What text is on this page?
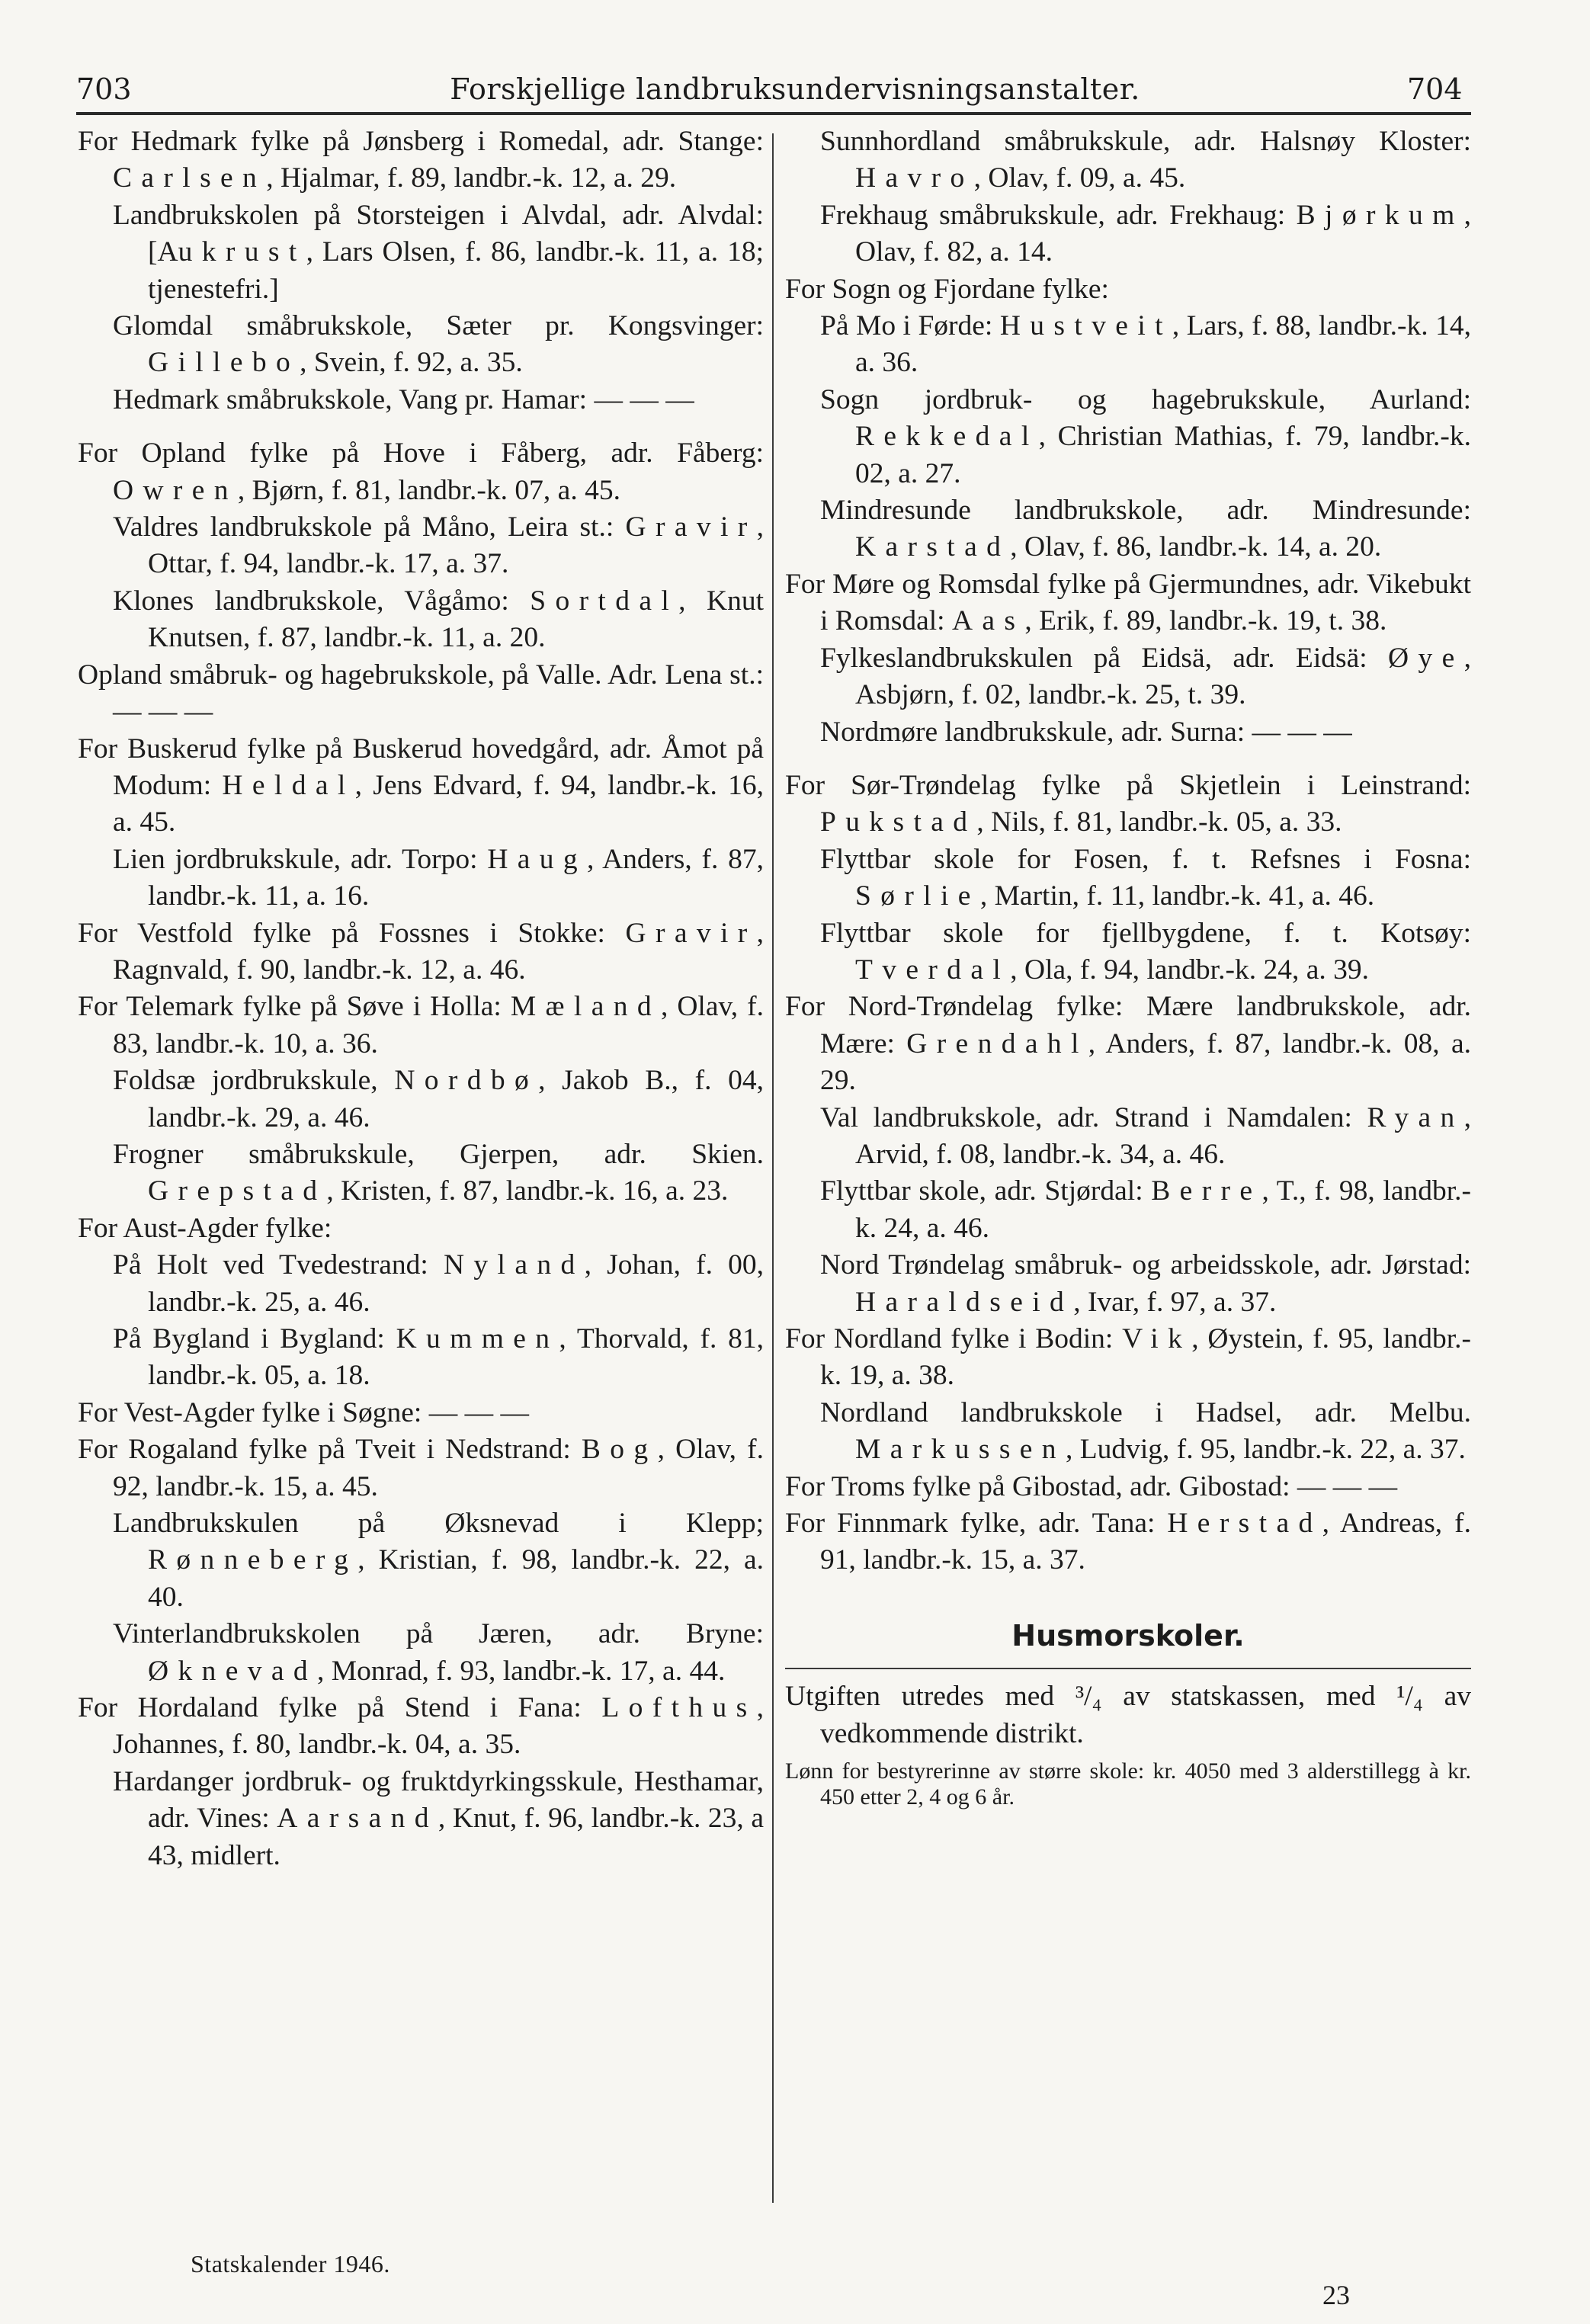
703	Forskjellige landbruksundervisningsanstalter.	704
For Hedmark fylke på Jønsberg i Romedal, adr. Stange: Carlsen, Hjalmar, f. 89, landbr.-k. 12, a. 29.
Landbrukskolen på Storsteigen i Alvdal, adr. Alvdal: [Aukrust, Lars Olsen, f. 86, landbr.-k. 11, a. 18; tjenestefri.]
Glomdal småbrukskole, Sæter pr. Kongsvinger: Gillebo, Svein, f. 92, a. 35.
Hedmark småbrukskole, Vang pr. Hamar: — — —
For Opland fylke på Hove i Fåberg, adr. Fåberg: Owren, Bjørn, f. 81, landbr.-k. 07, a. 45.
Valdres landbrukskole på Måno, Leira st.: Gravir, Ottar, f. 94, landbr.-k. 17, a. 37.
Klones landbrukskole, Vågåmo: Sortdal, Knut Knutsen, f. 87, landbr.-k. 11, a. 20.
Opland småbruk- og hagebrukskole, på Valle. Adr. Lena st.: — — —
For Buskerud fylke på Buskerud hovedgård, adr. Åmot på Modum: Heldal, Jens Edvard, f. 94, landbr.-k. 16, a. 45.
Lien jordbrukskule, adr. Torpo: Haug, Anders, f. 87, landbr.-k. 11, a. 16.
For Vestfold fylke på Fossnes i Stokke: Gravir, Ragnvald, f. 90, landbr.-k. 12, a. 46.
For Telemark fylke på Søve i Holla: Mæland, Olav, f. 83, landbr.-k. 10, a. 36.
Foldsæ jordbrukskule, Nordbø, Jakob B., f. 04, landbr.-k. 29, a. 46.
Frogner småbrukskule, Gjerpen, adr. Skien. Grepstad, Kristen, f. 87, landbr.-k. 16, a. 23.
For Aust-Agder fylke:
På Holt ved Tvedestrand: Nyland, Johan, f. 00, landbr.-k. 25, a. 46.
På Bygland i Bygland: Kummen, Thorvald, f. 81, landbr.-k. 05, a. 18.
For Vest-Agder fylke i Søgne: — — —
For Rogaland fylke på Tveit i Nedstrand: Bog, Olav, f. 92, landbr.-k. 15, a. 45.
Landbrukskulen på Øksnevad i Klepp; Rønneberg, Kristian, f. 98, landbr.-k. 22, a. 40.
Vinterlandbrukskolen på Jæren, adr. Bryne: Øknevad, Monrad, f. 93, landbr.-k. 17, a. 44.
For Hordaland fylke på Stend i Fana: Lofthus, Johannes, f. 80, landbr.-k. 04, a. 35.
Hardanger jordbruk- og fruktdyrkingsskule, Hesthamar, adr. Vines: Aarsand, Knut, f. 96, landbr.-k. 23, a 43, midlert.
Sunnhordland småbrukskule, adr. Halsnøy Kloster: Havro, Olav, f. 09, a. 45.
Frekhaug småbrukskule, adr. Frekhaug: Bjørkum, Olav, f. 82, a. 14.
For Sogn og Fjordane fylke:
På Mo i Førde: Hustveit, Lars, f. 88, landbr.-k. 14, a. 36.
Sogn jordbruk- og hagebrukskule, Aurland: Rekkedal, Christian Mathias, f. 79, landbr.-k. 02, a. 27.
Mindresunde landbrukskole, adr. Mindresunde: Karstad, Olav, f. 86, landbr.-k. 14, a. 20.
For Møre og Romsdal fylke på Gjermundnes, adr. Vikebukt i Romsdal: Aas, Erik, f. 89, landbr.-k. 19, t. 38.
Fylkeslandbrukskulen på Eidsä, adr. Eidsä: Øye, Asbjørn, f. 02, landbr.-k. 25, t. 39.
Nordmøre landbrukskule, adr. Surna: — — —
For Sør-Trøndelag fylke på Skjetlein i Leinstrand: Pukstad, Nils, f. 81, landbr.-k. 05, a. 33.
Flyttbar skole for Fosen, f. t. Refsnes i Fosna: Sørlie, Martin, f. 11, landbr.-k. 41, a. 46.
Flyttbar skole for fjellbygdene, f. t. Kotsøy: Tverdal, Ola, f. 94, landbr.-k. 24, a. 39.
For Nord-Trøndelag fylke: Mære landbrukskole, adr. Mære: Grendahl, Anders, f. 87, landbr.-k. 08, a. 29.
Val landbrukskole, adr. Strand i Namdalen: Ryan, Arvid, f. 08, landbr.-k. 34, a. 46.
Flyttbar skole, adr. Stjørdal: Berre, T., f. 98, landbr.-k. 24, a. 46.
Nord Trøndelag småbruk- og arbeidsskole, adr. Jørstad: Haraldseid, Ivar, f. 97, a. 37.
For Nordland fylke i Bodin: Vik, Øystein, f. 95, landbr.-k. 19, a. 38.
Nordland landbrukskole i Hadsel, adr. Melbu. Markussen, Ludvig, f. 95, landbr.-k. 22, a. 37.
For Troms fylke på Gibostad, adr. Gibostad: — — —
For Finnmark fylke, adr. Tana: Herstad, Andreas, f. 91, landbr.-k. 15, a. 37.
Husmorskoler.
Utgiften utredes med ³/₄ av statskassen, med ¹/₄ av vedkommende distrikt.
Lønn for bestyrerinne av større skole: kr. 4050 med 3 alderstillegg à kr. 450 etter 2, 4 og 6 år.
Statskalender 1946.
23
